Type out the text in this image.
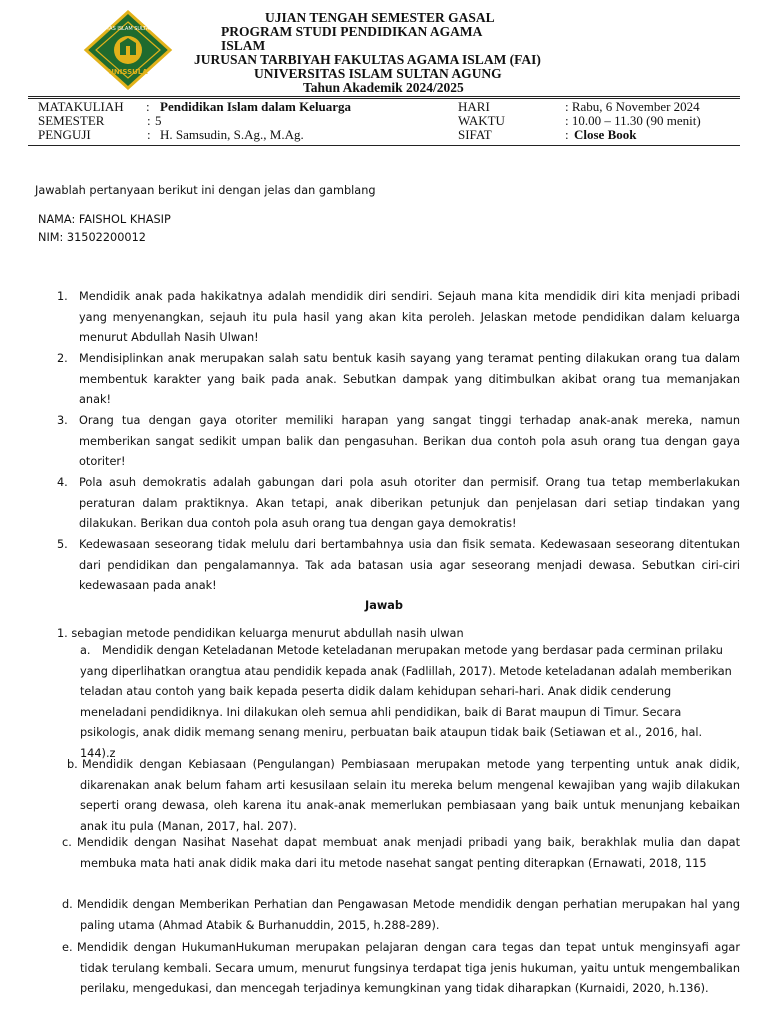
UNIVERSITAS ISLAM SULTAN AGUNG
UNISSULA
UJIAN TENGAH SEMESTER GASAL
PROGRAM STUDI PENDIDIKAN AGAMA
ISLAM
JURUSAN TARBIYAH FAKULTAS AGAMA ISLAM (FAI)
UNIVERSITAS ISLAM SULTAN AGUNG
Tahun Akademik 2024/2025
MATAKULIAH : Pendidikan Islam dalam Keluarga
SEMESTER	: 5
PENGUJI	: H. Samsudin, S.Ag., M.Ag.
HARI	: Rabu, 6 November 2024
WAKTU	: 10.00 – 11.30 (90 menit)
SIFAT	: Close Book
Jawablah pertanyaan berikut ini dengan jelas dan gamblang
NAMA: FAISHOL KHASIP
NIM: 31502200012
1. Mendidik anak pada hakikatnya adalah mendidik diri sendiri. Sejauh mana kita mendidik diri kita menjadi pribadi yang menyenangkan, sejauh itu pula hasil yang akan kita peroleh. Jelaskan metode pendidikan dalam keluarga menurut Abdullah Nasih Ulwan!
2. Mendisiplinkan anak merupakan salah satu bentuk kasih sayang yang teramat penting dilakukan orang tua dalam membentuk karakter yang baik pada anak. Sebutkan dampak yang ditimbulkan akibat orang tua memanjakan anak!
3. Orang tua dengan gaya otoriter memiliki harapan yang sangat tinggi terhadap anak-anak mereka, namun memberikan sangat sedikit umpan balik dan pengasuhan. Berikan dua contoh pola asuh orang tua dengan gaya otoriter!
4. Pola asuh demokratis adalah gabungan dari pola asuh otoriter dan permisif. Orang tua tetap memberlakukan peraturan dalam praktiknya. Akan tetapi, anak diberikan petunjuk dan penjelasan dari setiap tindakan yang dilakukan. Berikan dua contoh pola asuh orang tua dengan gaya demokratis!
5. Kedewasaan seseorang tidak melulu dari bertambahnya usia dan fisik semata. Kedewasaan seseorang ditentukan dari pendidikan dan pengalamannya. Tak ada batasan usia agar seseorang menjadi dewasa. Sebutkan ciri-ciri kedewasaan pada anak!
Jawab
1. sebagian metode pendidikan keluarga menurut abdullah nasih ulwan
a.	Mendidik dengan Keteladanan Metode keteladanan merupakan metode yang berdasar pada cerminan prilaku yang diperlihatkan orangtua atau pendidik kepada anak (Fadlillah, 2017). Metode keteladanan adalah memberikan teladan atau contoh yang baik kepada peserta didik dalam kehidupan sehari-hari. Anak didik cenderung meneladani pendidiknya. Ini dilakukan oleh semua ahli pendidikan, baik di Barat maupun di Timur. Secara psikologis, anak didik memang senang meniru, perbuatan baik ataupun tidak baik (Setiawan et al., 2016, hal. 144).z
b. Mendidik dengan Kebiasaan (Pengulangan) Pembiasaan merupakan metode yang terpenting untuk anak didik, dikarenakan anak belum faham arti kesusilaan selain itu mereka belum mengenal kewajiban yang wajib dilakukan seperti orang dewasa, oleh karena itu anak-anak memerlukan pembiasaan yang baik untuk menunjang kebaikan anak itu pula (Manan, 2017, hal. 207).
c. Mendidik dengan Nasihat Nasehat dapat membuat anak menjadi pribadi yang baik, berakhlak mulia dan dapat membuka mata hati anak didik maka dari itu metode nasehat sangat penting diterapkan (Ernawati, 2018, 115
d. Mendidik dengan Memberikan Perhatian dan Pengawasan Metode mendidik dengan perhatian merupakan hal yang paling utama (Ahmad Atabik & Burhanuddin, 2015, h.288-289).
e. Mendidik dengan HukumanHukuman merupakan pelajaran dengan cara tegas dan tepat untuk menginsyafi agar tidak terulang kembali. Secara umum, menurut fungsinya terdapat tiga jenis hukuman, yaitu untuk mengembalikan perilaku, mengedukasi, dan mencegah terjadinya kemungkinan yang tidak diharapkan (Kurnaidi, 2020, h.136).
